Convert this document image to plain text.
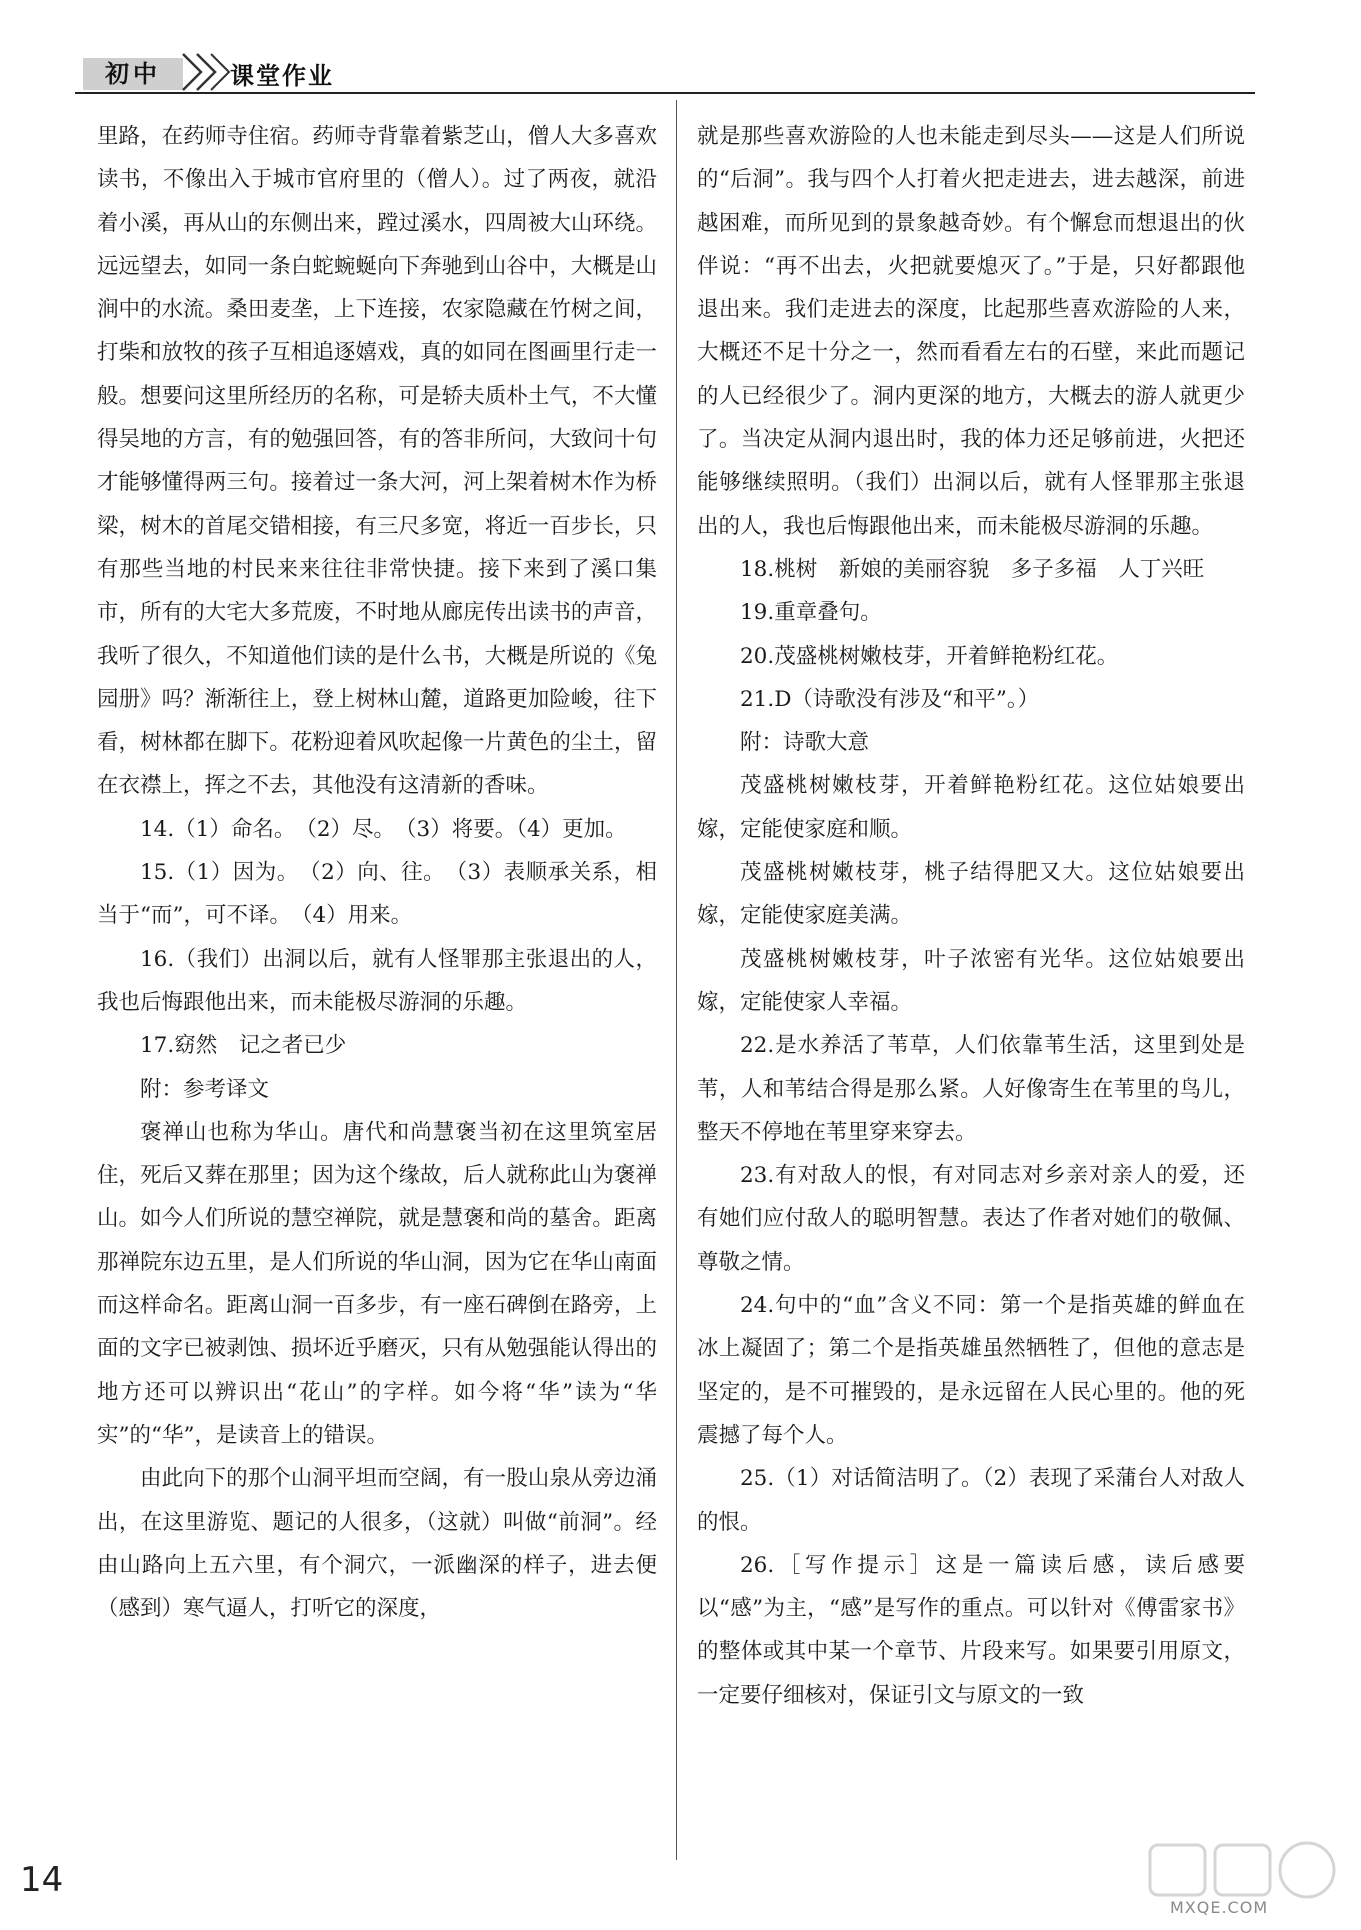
初中	课堂作业

里路，在药师寺住宿。药师寺背靠着紫芝山，僧人大多喜欢读书，不像出入于城市官府里的（僧人）。过了两夜，就沿着小溪，再从山的东侧出来，蹚过溪水，四周被大山环绕。远远望去，如同一条白蛇蜿蜒向下奔驰到山谷中，大概是山涧中的水流。桑田麦垄，上下连接，农家隐藏在竹树之间，打柴和放牧的孩子互相追逐嬉戏，真的如同在图画里行走一般。想要问这里所经历的名称，可是轿夫质朴土气，不大懂得吴地的方言，有的勉强回答，有的答非所问，大致问十句才能够懂得两三句。接着过一条大河，河上架着树木作为桥梁，树木的首尾交错相接，有三尺多宽，将近一百步长，只有那些当地的村民来来往往非常快捷。接下来到了溪口集市，所有的大宅大多荒废，不时地从廊庑传出读书的声音，我听了很久，不知道他们读的是什么书，大概是所说的《兔园册》吗？渐渐往上，登上树林山麓，道路更加险峻，往下看，树林都在脚下。花粉迎着风吹起像一片黄色的尘土，留在衣襟上，挥之不去，其他没有这清新的香味。

14.（1）命名。　（2）尽。　（3）将要。（4）更加。

15.（1）因为。　（2）向、往。　（3）表顺承关系，相当于“而”，可不译。　（4）用来。

16.（我们）出洞以后，就有人怪罪那主张退出的人，我也后悔跟他出来，而未能极尽游洞的乐趣。

17.窈然　记之者已少

附：参考译文

褒禅山也称为华山。唐代和尚慧褒当初在这里筑室居住，死后又葬在那里；因为这个缘故，后人就称此山为褒禅山。如今人们所说的慧空禅院，就是慧褒和尚的墓舍。距离那禅院东边五里，是人们所说的华山洞，因为它在华山南面而这样命名。距离山洞一百多步，有一座石碑倒在路旁，上面的文字已被剥蚀、损坏近乎磨灭，只有从勉强能认得出的地方还可以辨识出“花山”的字样。如今将“华”读为“华实”的“华”，是读音上的错误。

由此向下的那个山洞平坦而空阔，有一股山泉从旁边涌出，在这里游览、题记的人很多，（这就）叫做“前洞”。经由山路向上五六里，有个洞穴，一派幽深的样子，进去便（感到）寒气逼人，打听它的深度，

就是那些喜欢游险的人也未能走到尽头——这是人们所说的“后洞”。我与四个人打着火把走进去，进去越深，前进越困难，而所见到的景象越奇妙。有个懈怠而想退出的伙伴说：“再不出去，火把就要熄灭了。”于是，只好都跟他退出来。我们走进去的深度，比起那些喜欢游险的人来，大概还不足十分之一，然而看看左右的石壁，来此而题记的人已经很少了。洞内更深的地方，大概去的游人就更少了。当决定从洞内退出时，我的体力还足够前进，火把还能够继续照明。（我们）出洞以后，就有人怪罪那主张退出的人，我也后悔跟他出来，而未能极尽游洞的乐趣。

18.桃树　新娘的美丽容貌　多子多福　人丁兴旺

19.重章叠句。

20.茂盛桃树嫩枝芽，开着鲜艳粉红花。

21.D（诗歌没有涉及“和平”。）

附：诗歌大意

茂盛桃树嫩枝芽，开着鲜艳粉红花。这位姑娘要出嫁，定能使家庭和顺。

茂盛桃树嫩枝芽，桃子结得肥又大。这位姑娘要出嫁，定能使家庭美满。

茂盛桃树嫩枝芽，叶子浓密有光华。这位姑娘要出嫁，定能使家人幸福。

22.是水养活了苇草，人们依靠苇生活，这里到处是苇，人和苇结合得是那么紧。人好像寄生在苇里的鸟儿，整天不停地在苇里穿来穿去。

23.有对敌人的恨，有对同志对乡亲对亲人的爱，还有她们应付敌人的聪明智慧。表达了作者对她们的敬佩、尊敬之情。

24.句中的“血”含义不同：第一个是指英雄的鲜血在冰上凝固了；第二个是指英雄虽然牺牲了，但他的意志是坚定的，是不可摧毁的，是永远留在人民心里的。他的死震撼了每个人。

25.（1）对话简洁明了。（2）表现了采蒲台人对敌人的恨。

26.［写作提示］这是一篇读后感，读后感要以“感”为主，“感”是写作的重点。可以针对《傅雷家书》的整体或其中某一个章节、片段来写。如果要引用原文，一定要仔细核对，保证引文与原文的一致

14
MXQE.COM
